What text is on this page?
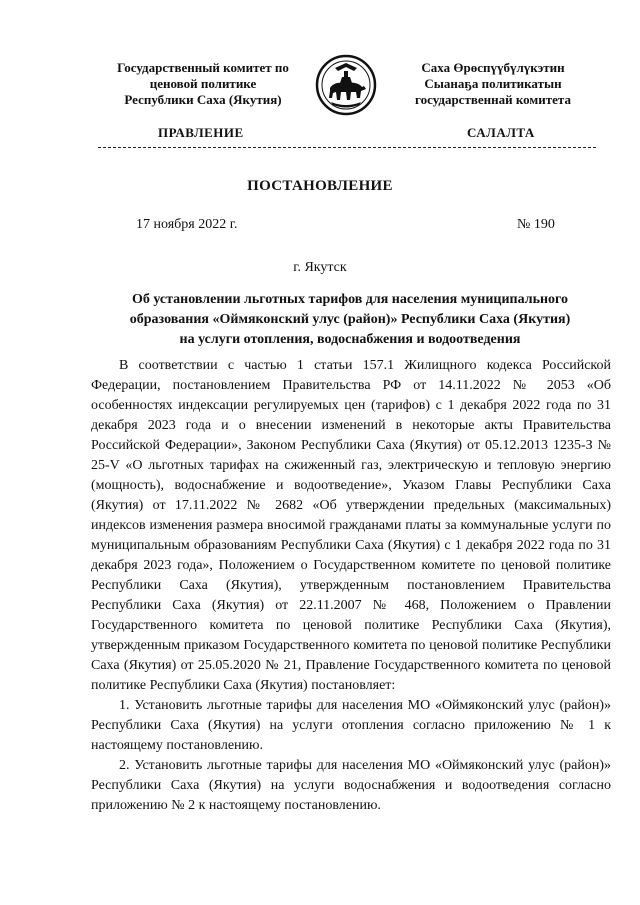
Государственный комитет по
ценовой политике
Республики Саха (Якутия)
Саха Өрөспүүбүлүкэтин
Сыанаҕа политикатын
государственнай комитета
ПРАВЛЕНИЕ	САЛАЛТА
ПОСТАНОВЛЕНИЕ
17 ноября 2022 г.	№ 190
г. Якутск
Об установлении льготных тарифов для населения муниципального
образования «Оймяконский улус (район)» Республики Саха (Якутия)
на услуги отопления, водоснабжения и водоотведения

В соответствии с частью 1 статьи 157.1 Жилищного кодекса Российской Федерации, постановлением Правительства РФ от 14.11.2022 № 2053 «Об особенностях индексации регулируемых цен (тарифов) с 1 декабря 2022 года по 31 декабря 2023 года и о внесении изменений в некоторые акты Правительства Российской Федерации», Законом Республики Саха (Якутия) от 05.12.2013 1235-З № 25-V «О льготных тарифах на сжиженный газ, электрическую и тепловую энергию (мощность), водоснабжение и водоотведение», Указом Главы Республики Саха (Якутия) от 17.11.2022 № 2682 «Об утверждении предельных (максимальных) индексов изменения размера вносимой гражданами платы за коммунальные услуги по муниципальным образованиям Республики Саха (Якутия) с 1 декабря 2022 года по 31 декабря 2023 года», Положением о Государственном комитете по ценовой политике Республики Саха (Якутия), утвержденным постановлением Правительства Республики Саха (Якутия) от 22.11.2007 № 468, Положением о Правлении Государственного комитета по ценовой политике Республики Саха (Якутия), утвержденным приказом Государственного комитета по ценовой политике Республики Саха (Якутия) от 25.05.2020 № 21, Правление Государственного комитета по ценовой политике Республики Саха (Якутия) постановляет:

1. Установить льготные тарифы для населения МО «Оймяконский улус (район)» Республики Саха (Якутия) на услуги отопления согласно приложению № 1 к настоящему постановлению.

2. Установить льготные тарифы для населения МО «Оймяконский улус (район)» Республики Саха (Якутия) на услуги водоснабжения и водоотведения согласно приложению № 2 к настоящему постановлению.
